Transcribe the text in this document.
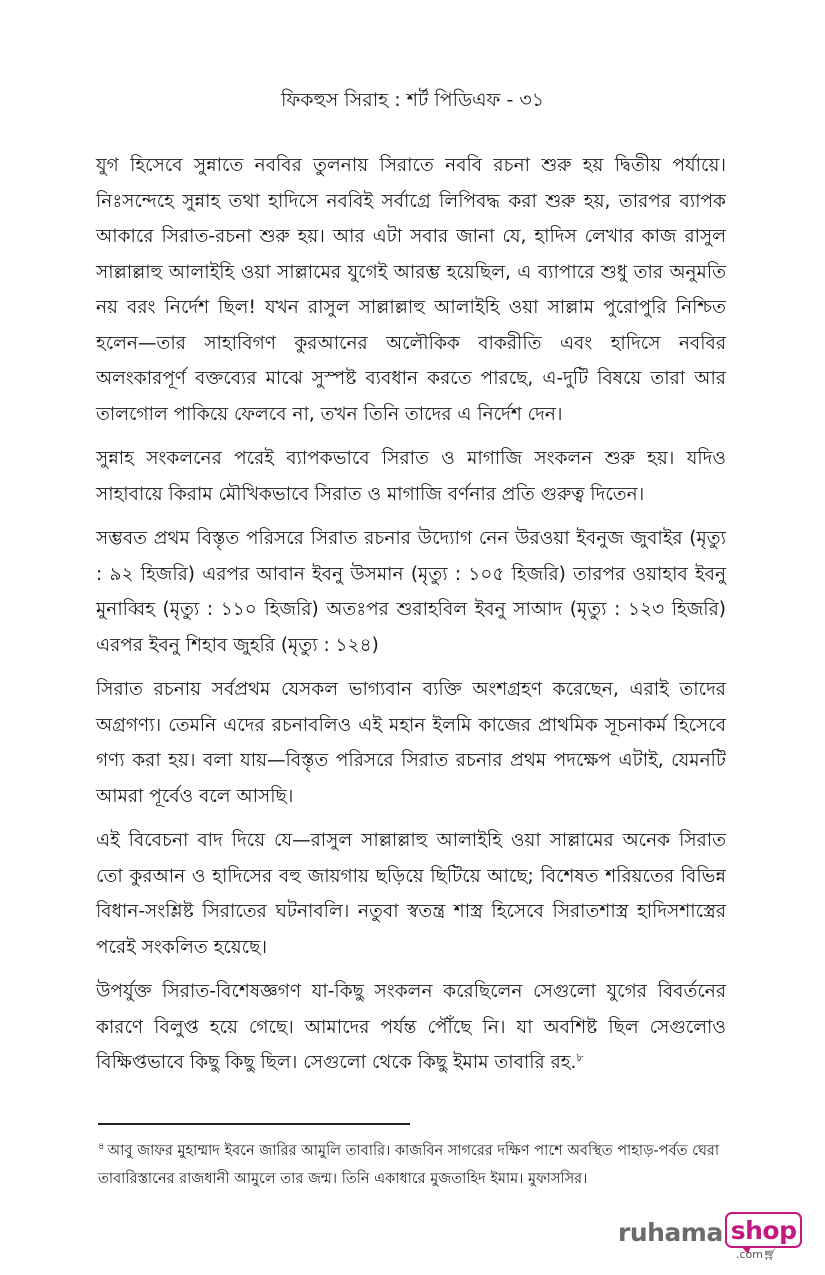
ফিকহুস সিরাহ : শর্ট পিডিএফ - ৩১

যুগ হিসেবে সুন্নাতে নববির তুলনায় সিরাতে নববি রচনা শুরু হয় দ্বিতীয় পর্যায়ে। নিঃসন্দেহে সুন্নাহ তথা হাদিসে নববিই সর্বাগ্রে লিপিবদ্ধ করা শুরু হয়, তারপর ব্যাপক আকারে সিরাত-রচনা শুরু হয়। আর এটা সবার জানা যে, হাদিস লেখার কাজ রাসুল সাল্লাল্লাহু আলাইহি ওয়া সাল্লামের যুগেই আরম্ভ হয়েছিল, এ ব্যাপারে শুধু তার অনুমতি নয় বরং নির্দেশ ছিল! যখন রাসুল সাল্লাল্লাহু আলাইহি ওয়া সাল্লাম পুরোপুরি নিশ্চিত হলেন—তার সাহাবিগণ কুরআনের অলৌকিক বাকরীতি এবং হাদিসে নববির অলংকারপূর্ণ বক্তব্যের মাঝে সুস্পষ্ট ব্যবধান করতে পারছে, এ-দুটি বিষয়ে তারা আর তালগোল পাকিয়ে ফেলবে না, তখন তিনি তাদের এ নির্দেশ দেন।

সুন্নাহ সংকলনের পরেই ব্যাপকভাবে সিরাত ও মাগাজি সংকলন শুরু হয়। যদিও সাহাবায়ে কিরাম মৌখিকভাবে সিরাত ও মাগাজি বর্ণনার প্রতি গুরুত্ব দিতেন।

সম্ভবত প্রথম বিস্তৃত পরিসরে সিরাত রচনার উদ্যোগ নেন উরওয়া ইবনুজ জুবাইর (মৃত্যু : ৯২ হিজরি) এরপর আবান ইবনু উসমান (মৃত্যু : ১০৫ হিজরি) তারপর ওয়াহাব ইবনু মুনাব্বিহ (মৃত্যু : ১১০ হিজরি) অতঃপর শুরাহবিল ইবনু সাআদ (মৃত্যু : ১২৩ হিজরি) এরপর ইবনু শিহাব জুহরি (মৃত্যু : ১২৪)

সিরাত রচনায় সর্বপ্রথম যেসকল ভাগ্যবান ব্যক্তি অংশগ্রহণ করেছেন, এরাই তাদের অগ্রগণ্য। তেমনি এদের রচনাবলিও এই মহান ইলমি কাজের প্রাথমিক সূচনাকর্ম হিসেবে গণ্য করা হয়। বলা যায়—বিস্তৃত পরিসরে সিরাত রচনার প্রথম পদক্ষেপ এটাই, যেমনটি আমরা পূর্বেও বলে আসছি।

এই বিবেচনা বাদ দিয়ে যে—রাসুল সাল্লাল্লাহু আলাইহি ওয়া সাল্লামের অনেক সিরাত তো কুরআন ও হাদিসের বহু জায়গায় ছড়িয়ে ছিটিয়ে আছে; বিশেষত শরিয়তের বিভিন্ন বিধান-সংশ্লিষ্ট সিরাতের ঘটনাবলি। নতুবা স্বতন্ত্র শাস্ত্র হিসেবে সিরাতশাস্ত্র হাদিসশাস্ত্রের পরেই সংকলিত হয়েছে।

উপর্যুক্ত সিরাত-বিশেষজ্ঞগণ যা-কিছু সংকলন করেছিলেন সেগুলো যুগের বিবর্তনের কারণে বিলুপ্ত হয়ে গেছে। আমাদের পর্যন্ত পৌঁছে নি। যা অবশিষ্ট ছিল সেগুলোও বিক্ষিপ্তভাবে কিছু কিছু ছিল। সেগুলো থেকে কিছু ইমাম তাবারি রহ.$^৮$

$^৪$ আবু জাফর মুহাম্মাদ ইবনে জারির আমুলি তাবারি। কাজবিন সাগরের দক্ষিণ পাশে অবস্থিত পাহাড়-পর্বত ঘেরা তাবারিস্তানের রাজধানী আমুলে তার জন্ম। তিনি একাধারে মুজতাহিদ ইমাম। মুফাসসির।
ruhama shop
.com🛒︎
